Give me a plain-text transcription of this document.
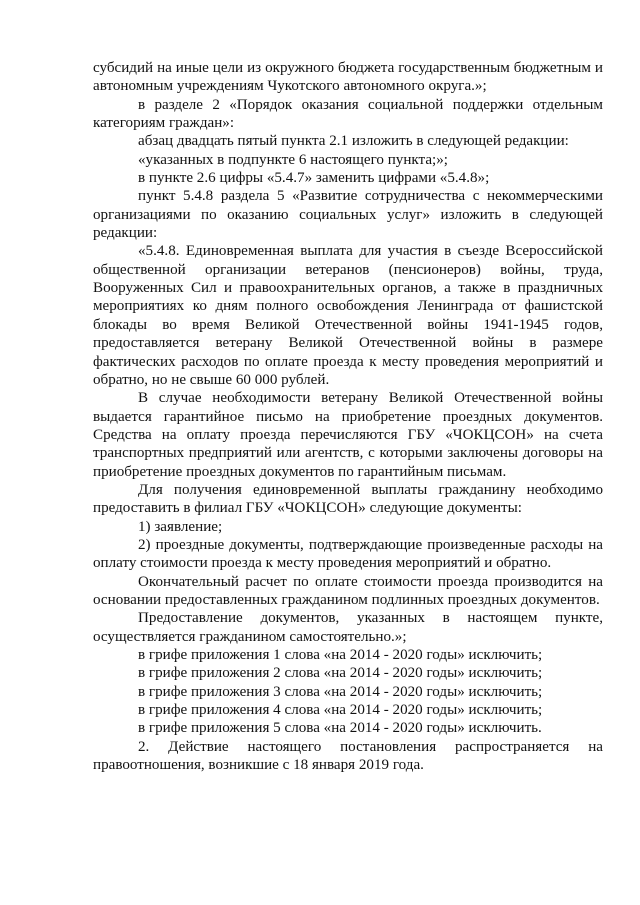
субсидий на иные цели из окружного бюджета государственным бюджетным и автономным учреждениям Чукотского автономного округа.»;

в разделе 2 «Порядок оказания социальной поддержки отдельным категориям граждан»:

абзац двадцать пятый пункта 2.1 изложить в следующей редакции:

«указанных в подпункте 6 настоящего пункта;»;

в пункте 2.6 цифры «5.4.7» заменить цифрами «5.4.8»;

пункт 5.4.8 раздела 5 «Развитие сотрудничества с некоммерческими организациями по оказанию социальных услуг» изложить в следующей редакции:

«5.4.8. Единовременная выплата для участия в съезде Всероссийской общественной организации ветеранов (пенсионеров) войны, труда, Вооруженных Сил и правоохранительных органов, а также в праздничных мероприятиях ко дням полного освобождения Ленинграда от фашистской блокады во время Великой Отечественной войны 1941-1945 годов, предоставляется ветерану Великой Отечественной войны в размере фактических расходов по оплате проезда к месту проведения мероприятий и обратно, но не свыше 60 000 рублей.

В случае необходимости ветерану Великой Отечественной войны выдается гарантийное письмо на приобретение проездных документов. Средства на оплату проезда перечисляются ГБУ «ЧОКЦСОН» на счета транспортных предприятий или агентств, с которыми заключены договоры на приобретение проездных документов по гарантийным письмам.

Для получения единовременной выплаты гражданину необходимо предоставить в филиал ГБУ «ЧОКЦСОН» следующие документы:

1) заявление;

2) проездные документы, подтверждающие произведенные расходы на оплату стоимости проезда к месту проведения мероприятий и обратно.

Окончательный расчет по оплате стоимости проезда производится на основании предоставленных гражданином подлинных проездных документов.

Предоставление документов, указанных в настоящем пункте, осуществляется гражданином самостоятельно.»;

в грифе приложения 1 слова «на 2014 - 2020 годы» исключить;

в грифе приложения 2 слова «на 2014 - 2020 годы» исключить;

в грифе приложения 3 слова «на 2014 - 2020 годы» исключить;

в грифе приложения 4 слова «на 2014 - 2020 годы» исключить;

в грифе приложения 5 слова «на 2014 - 2020 годы» исключить.

2. Действие настоящего постановления распространяется на правоотношения, возникшие с 18 января 2019 года.
